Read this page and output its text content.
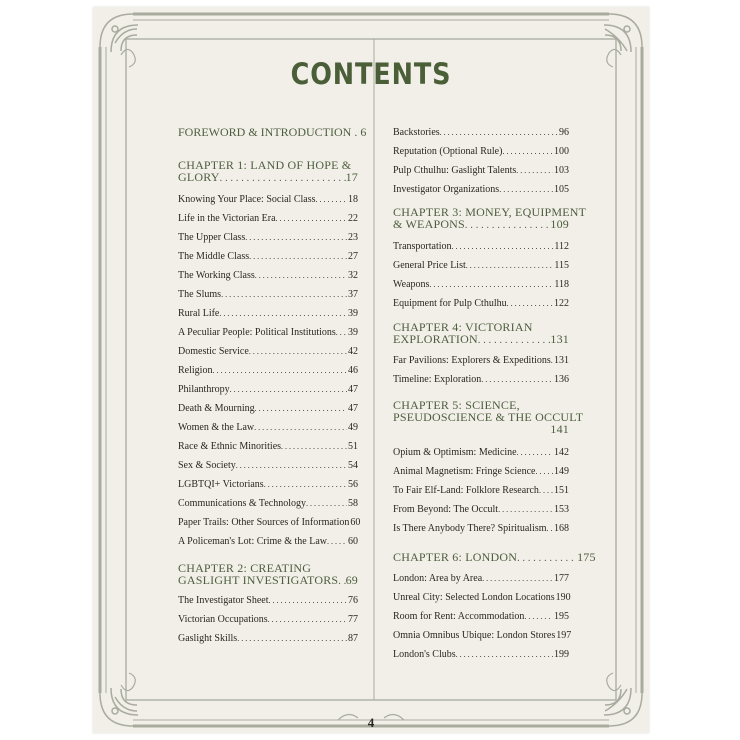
CONTENTS
FOREWORD & INTRODUCTION . 6
CHAPTER 1: LAND OF HOPE &
GLORY . . .	17
Knowing Your Place: Social Class . . .	18
Life in the Victorian Era . . .	22
The Upper Class . . .	23
The Middle Class . . .	27
The Working Class . . .	32
The Slums . . .	37
Rural Life . . .	39
A Peculiar People: Political Institutions . . . 39
Domestic Service . . .	42
Religion . . .	46
Philanthropy . . .	47
Death & Mourning . . .	47
Women & the Law . . .	49
Race & Ethnic Minorities . . .	51
Sex & Society . . .	54
LGBTQI+ Victorians . . .	56
Communications & Technology . . .	58
Paper Trails: Other Sources of Information 60
A Policeman's Lot: Crime & the Law . . . 60
CHAPTER 2: CREATING
GASLIGHT INVESTIGATORS . . . 69
The Investigator Sheet . . .	76
Victorian Occupations . . .	77
Gaslight Skills . . .	87
Backstories . . .	96
Reputation (Optional Rule) . . .	100
Pulp Cthulhu: Gaslight Talents . . .	103
Investigator Organizations . . .	105
CHAPTER 3: MONEY, EQUIPMENT
& WEAPONS . . .	109
Transportation . . .	112
General Price List . . .	115
Weapons . . .	118
Equipment for Pulp Cthulhu . . .	122
CHAPTER 4: VICTORIAN
EXPLORATION . . .	131
Far Pavilions: Explorers & Expeditions . . . 131
Timeline: Exploration . . .	136
CHAPTER 5: SCIENCE,
PSEUDOSCIENCE & THE OCCULT
141
Opium & Optimism: Medicine . . .	142
Animal Magnetism: Fringe Science . . . 149
To Fair Elf-Land: Folklore Research . . . 151
From Beyond: The Occult . . .	153
Is There Anybody There? Spiritualism . . . 168
CHAPTER 6: LONDON . . .	175
London: Area by Area . . .	177
Unreal City: Selected London Locations 190
Room for Rent: Accommodation . . .	195
Omnia Omnibus Ubique: London Stores 197
London's Clubs . . .	199
4
